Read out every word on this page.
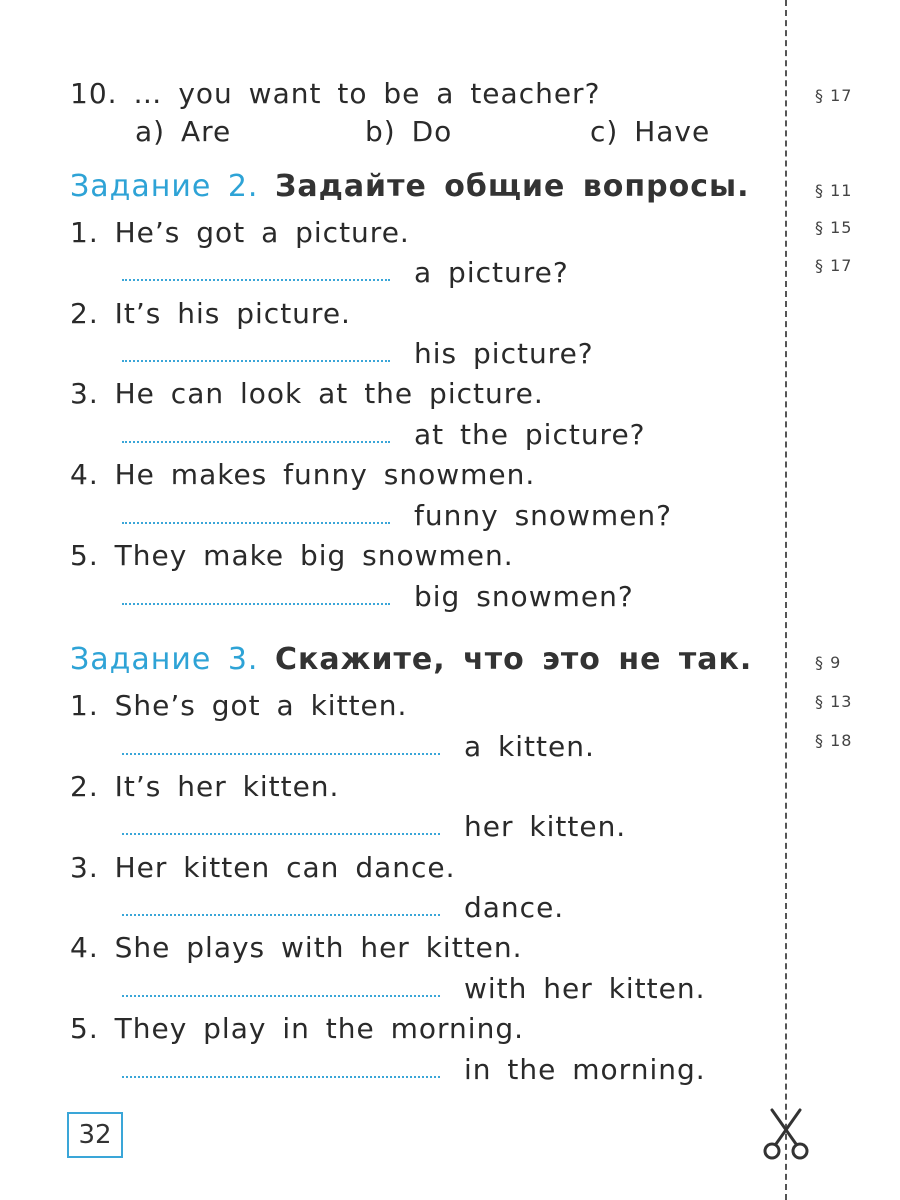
10. … you want to be a teacher?
a) Are	b) Do	c) Have
§ 17
Задание 2. Задайте общие вопросы.	§ 11
§ 15
§ 17
1. He’s got a picture.
a picture?
2. It’s his picture.
his picture?
3. He can look at the picture.
at the picture?
4. He makes funny snowmen.
funny snowmen?
5. They make big snowmen.
big snowmen?
Задание 3. Скажите, что это не так.	§ 9
§ 13
§ 18
1. She’s got a kitten.
a kitten.
2. It’s her kitten.
her kitten.
3. Her kitten can dance.
dance.
4. She plays with her kitten.
with her kitten.
5. They play in the morning.
in the morning.
32
